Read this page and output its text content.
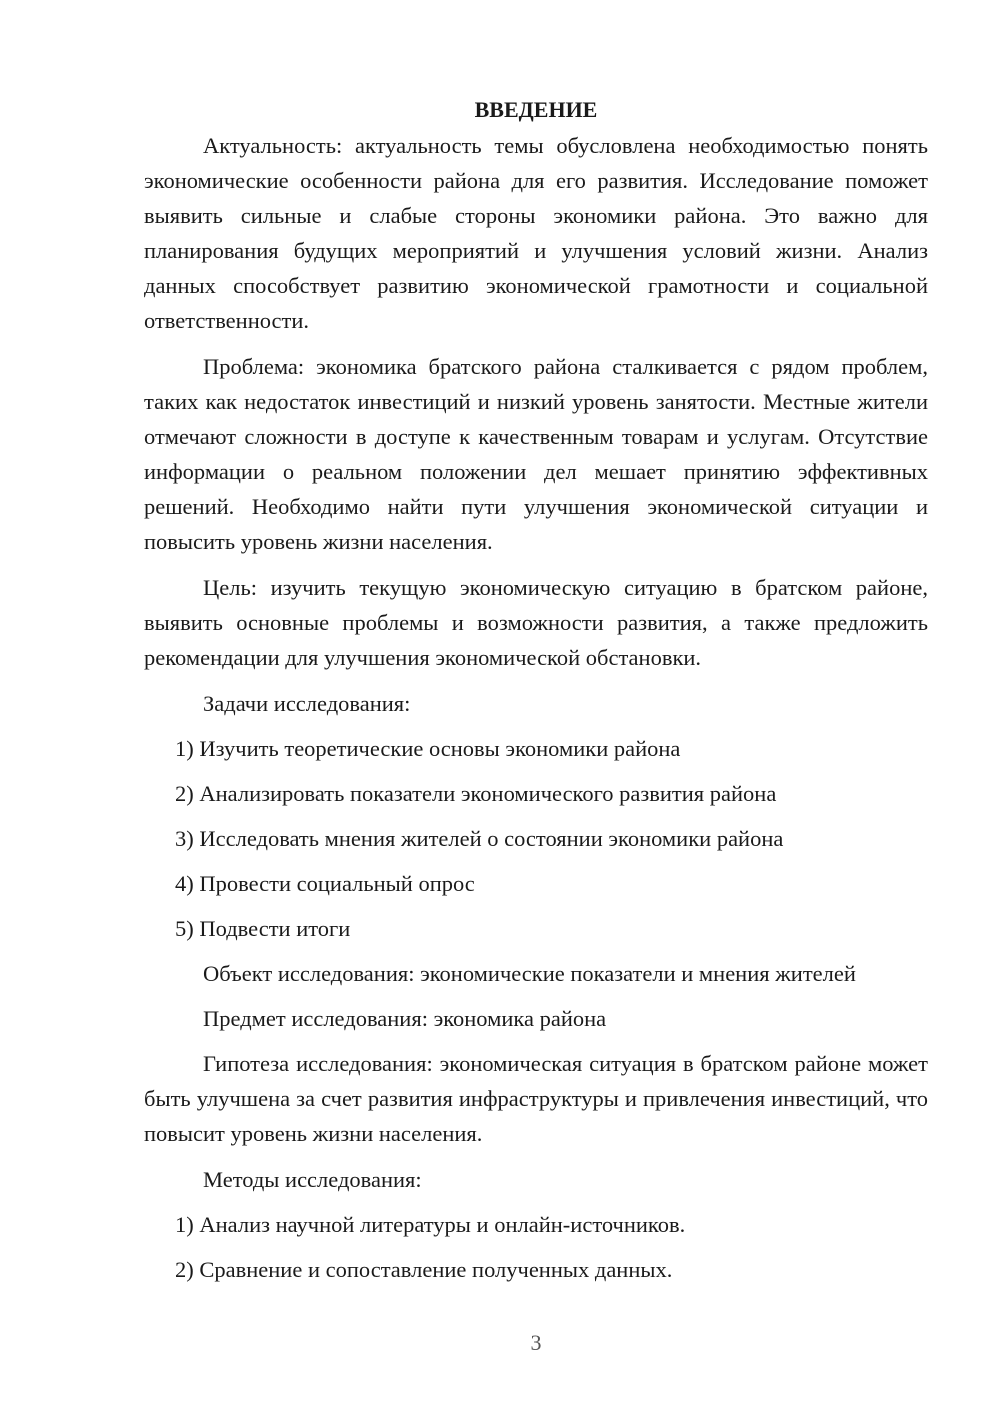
ВВЕДЕНИЕ

Актуальность: актуальность темы обусловлена необходимостью понять экономические особенности района для его развития. Исследование поможет выявить сильные и слабые стороны экономики района. Это важно для планирования будущих мероприятий и улучшения условий жизни. Анализ данных способствует развитию экономической грамотности и социальной ответственности.

Проблема: экономика братского района сталкивается с рядом проблем, таких как недостаток инвестиций и низкий уровень занятости. Местные жители отмечают сложности в доступе к качественным товарам и услугам. Отсутствие информации о реальном положении дел мешает принятию эффективных решений. Необходимо найти пути улучшения экономической ситуации и повысить уровень жизни населения.

Цель: изучить текущую экономическую ситуацию в братском районе, выявить основные проблемы и возможности развития, а также предложить рекомендации для улучшения экономической обстановки.

Задачи исследования:
1) Изучить теоретические основы экономики района
2) Анализировать показатели экономического развития района
3) Исследовать мнения жителей о состоянии экономики района
4) Провести социальный опрос
5) Подвести итоги
Объект исследования: экономические показатели и мнения жителей
Предмет исследования: экономика района

Гипотеза исследования: экономическая ситуация в братском районе может быть улучшена за счет развития инфраструктуры и привлечения инвестиций, что повысит уровень жизни населения.

Методы исследования:
1) Анализ научной литературы и онлайн-источников.
2) Сравнение и сопоставление полученных данных.
3
